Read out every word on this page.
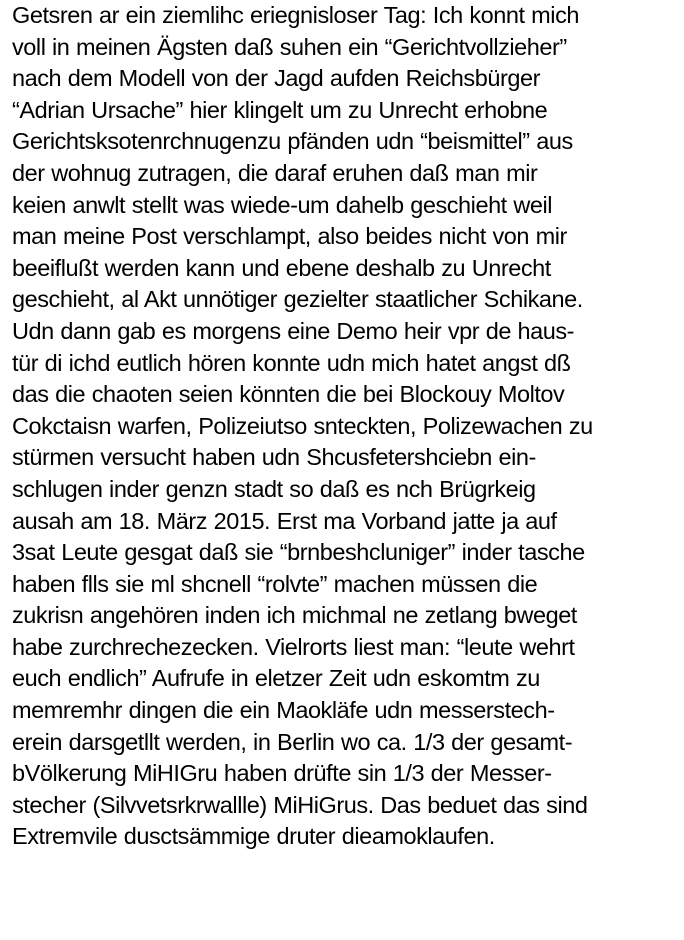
Getsren ar ein ziemlihc eriegnisloser Tag: Ich konnt mich
voll in meinen Ägsten daß suhen ein “Gerichtvollzieher”
nach dem Modell von der Jagd aufden Reichsbürger
“Adrian Ursache” hier klingelt um zu Unrecht erhobne
Gerichtsksotenrchnugenzu pfänden udn “beismittel” aus
der wohnug zutragen, die daraf eruhen daß man mir
keien anwlt stellt was wiede-um dahelb geschieht weil
man meine Post verschlampt, also beides nicht von mir
beeiflußt werden kann und ebene deshalb zu Unrecht
geschieht, al Akt unnötiger gezielter staatlicher Schikane.
Udn dann gab es morgens eine Demo heir vpr de haus-
tür di ichd eutlich hören konnte udn mich hatet angst dß
das die chaoten seien könnten die bei Blockouy Moltov
Cokctaisn warfen, Polizeiutso snteckten, Polizewachen zu
stürmen versucht haben udn Shcusfetershciebn ein-
schlugen inder genzn stadt so daß es nch Brügrkeig
ausah am 18. März 2015. Erst ma Vorband jatte ja auf
3sat Leute gesgat daß sie “brnbeshcluniger” inder tasche
haben flls sie ml shcnell “rolvte” machen müssen die
zukrisn angehören inden ich michmal ne zetlang bweget
habe zurchrechezecken. Vielrorts liest man: “leute wehrt
euch endlich” Aufrufe in eletzer Zeit udn eskomtm zu
memremhr dingen die ein Maokläfe udn messerstech-
erein darsgetllt werden, in Berlin wo ca. 1/3 der gesamt-
bVölkerung MiHIGru haben drüfte sin 1/3 der Messer-
stecher (Silvvetsrkrwallle) MiHiGrus. Das beduet das sind
Extremvile dusctsämmige druter dieamoklaufen.
